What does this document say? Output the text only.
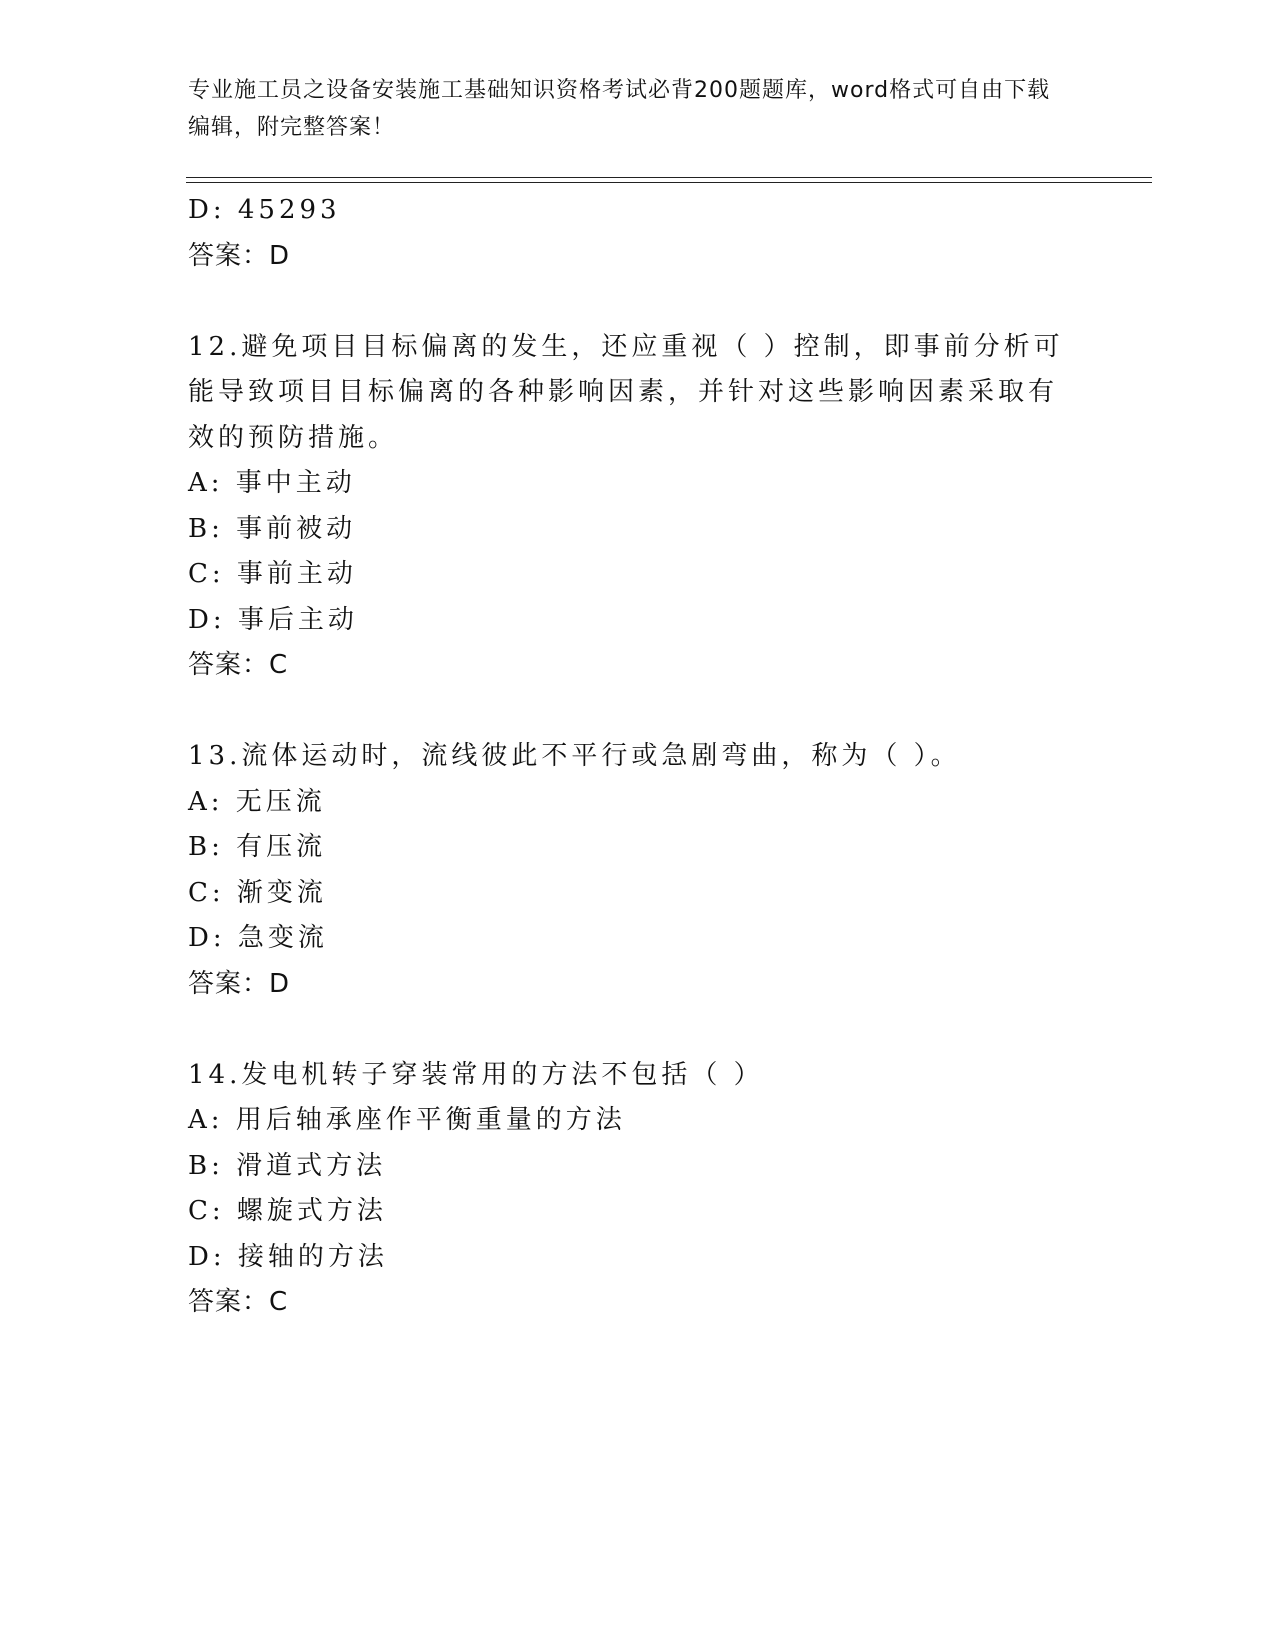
专业施工员之设备安装施工基础知识资格考试必背200题题库，word格式可自由下载编辑，附完整答案！
D: 45293
答案：D
12.避免项目目标偏离的发生，还应重视（ ）控制，即事前分析可能导致项目目标偏离的各种影响因素，并针对这些影响因素采取有效的预防措施。
A: 事中主动
B: 事前被动
C: 事前主动
D: 事后主动
答案：C
13.流体运动时，流线彼此不平行或急剧弯曲，称为（ ）。
A: 无压流
B: 有压流
C: 渐变流
D: 急变流
答案：D
14.发电机转子穿装常用的方法不包括（ ）
A: 用后轴承座作平衡重量的方法
B: 滑道式方法
C: 螺旋式方法
D: 接轴的方法
答案：C
